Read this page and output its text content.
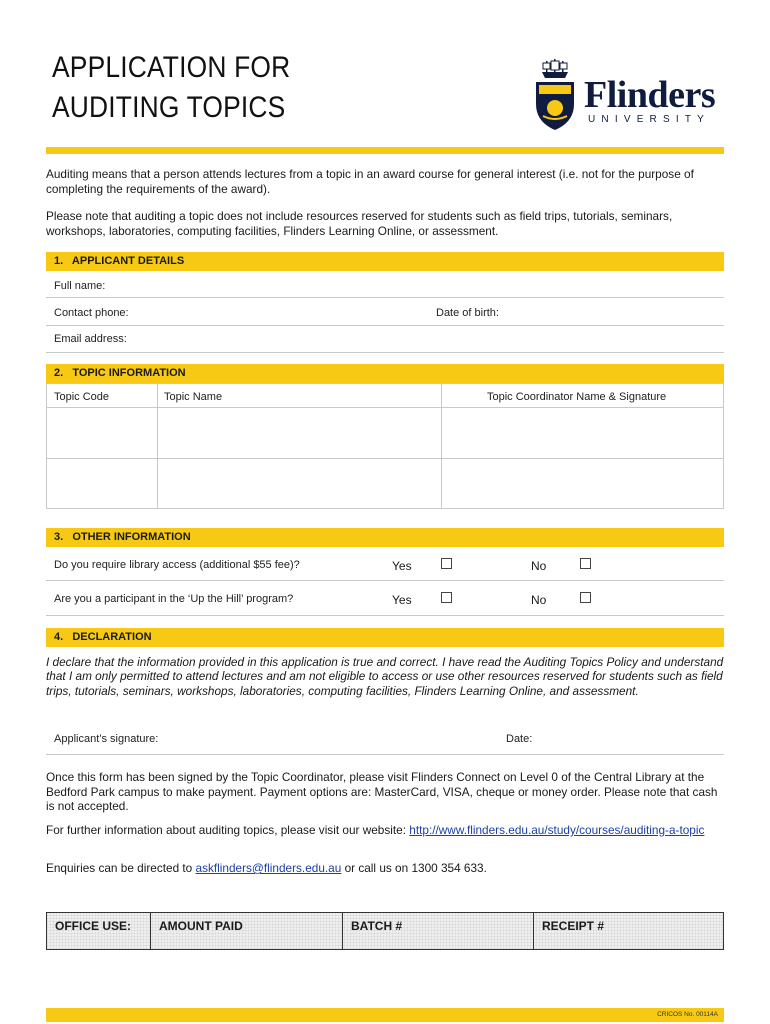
APPLICATION FOR
AUDITING TOPICS	Flinders
UNIVERSITY
Auditing means that a person attends lectures from a topic in an award course for general interest (i.e. not for the purpose of completing the requirements of the award).
Please note that auditing a topic does not include resources reserved for students such as field trips, tutorials, seminars, workshops, laboratories, computing facilities, Flinders Learning Online, or assessment.
1.   APPLICANT DETAILS
Full name:
Contact phone:	Date of birth:
Email address:
2.   TOPIC INFORMATION
Topic Code	Topic Name	Topic Coordinator Name & Signature
3.   OTHER INFORMATION
Do you require library access (additional $55 fee)?	Yes	No
Are you a participant in the ‘Up the Hill’ program?	Yes	No
4.   DECLARATION
I declare that the information provided in this application is true and correct. I have read the Auditing Topics Policy and understand that I am only permitted to attend lectures and am not eligible to access or use other resources reserved for students such as field trips, tutorials, seminars, workshops, laboratories, computing facilities, Flinders Learning Online, and assessment.
Applicant’s signature:	Date:
Once this form has been signed by the Topic Coordinator, please visit Flinders Connect on Level 0 of the Central Library at the Bedford Park campus to make payment. Payment options are: MasterCard, VISA, cheque or money order. Please note that cash is not accepted.
For further information about auditing topics, please visit our website: http://www.flinders.edu.au/study/courses/auditing-a-topic
Enquiries can be directed to askflinders@flinders.edu.au or call us on 1300 354 633.
OFFICE USE:	AMOUNT PAID	BATCH #	RECEIPT #
CRICOS No. 00114A
